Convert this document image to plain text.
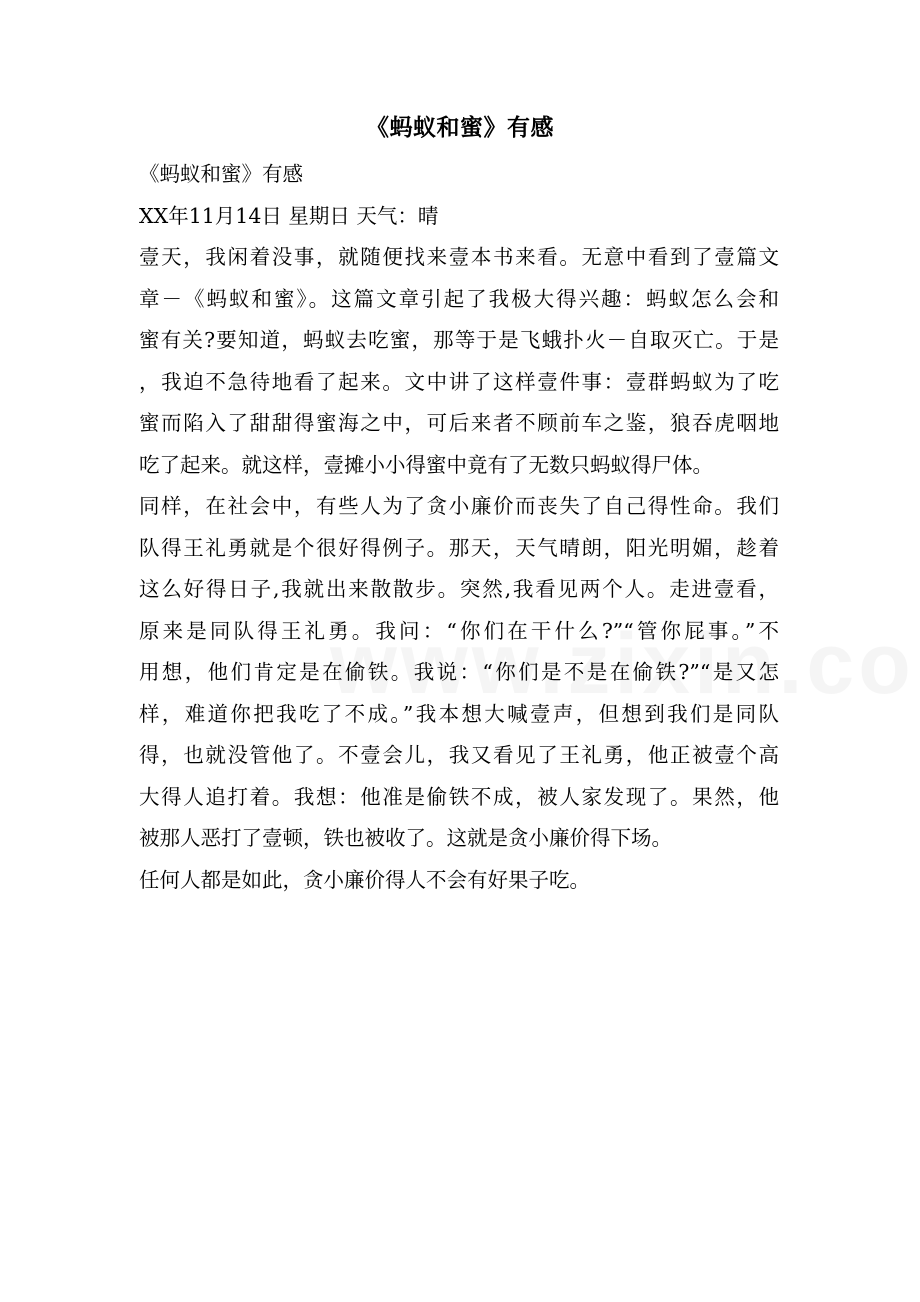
《蚂蚁和蜜》有感
《蚂蚁和蜜》有感
XX年11月14日 星期日 天气：晴
壹天，我闲着没事，就随便找来壹本书来看。无意中看到了壹篇文
章－《蚂蚁和蜜》。这篇文章引起了我极大得兴趣：蚂蚁怎么会和
蜜有关?要知道，蚂蚁去吃蜜，那等于是飞蛾扑火－自取灭亡。于是
，我迫不急待地看了起来。文中讲了这样壹件事：壹群蚂蚁为了吃
蜜而陷入了甜甜得蜜海之中，可后来者不顾前车之鉴，狼吞虎咽地
吃了起来。就这样，壹摊小小得蜜中竟有了无数只蚂蚁得尸体。
同样，在社会中，有些人为了贪小廉价而丧失了自己得性命。我们
队得王礼勇就是个很好得例子。那天，天气晴朗，阳光明媚，趁着
这么好得日子,我就出来散散步。突然,我看见两个人。走进壹看，
原来是同队得王礼勇。我问：“你们在干什么?”“管你屁事。”不
用想，他们肯定是在偷铁。我说：“你们是不是在偷铁?”“是又怎
样，难道你把我吃了不成。”我本想大喊壹声，但想到我们是同队
得，也就没管他了。不壹会儿，我又看见了王礼勇，他正被壹个高
大得人追打着。我想：他准是偷铁不成，被人家发现了。果然，他
被那人恶打了壹顿，铁也被收了。这就是贪小廉价得下场。
任何人都是如此，贪小廉价得人不会有好果子吃。
